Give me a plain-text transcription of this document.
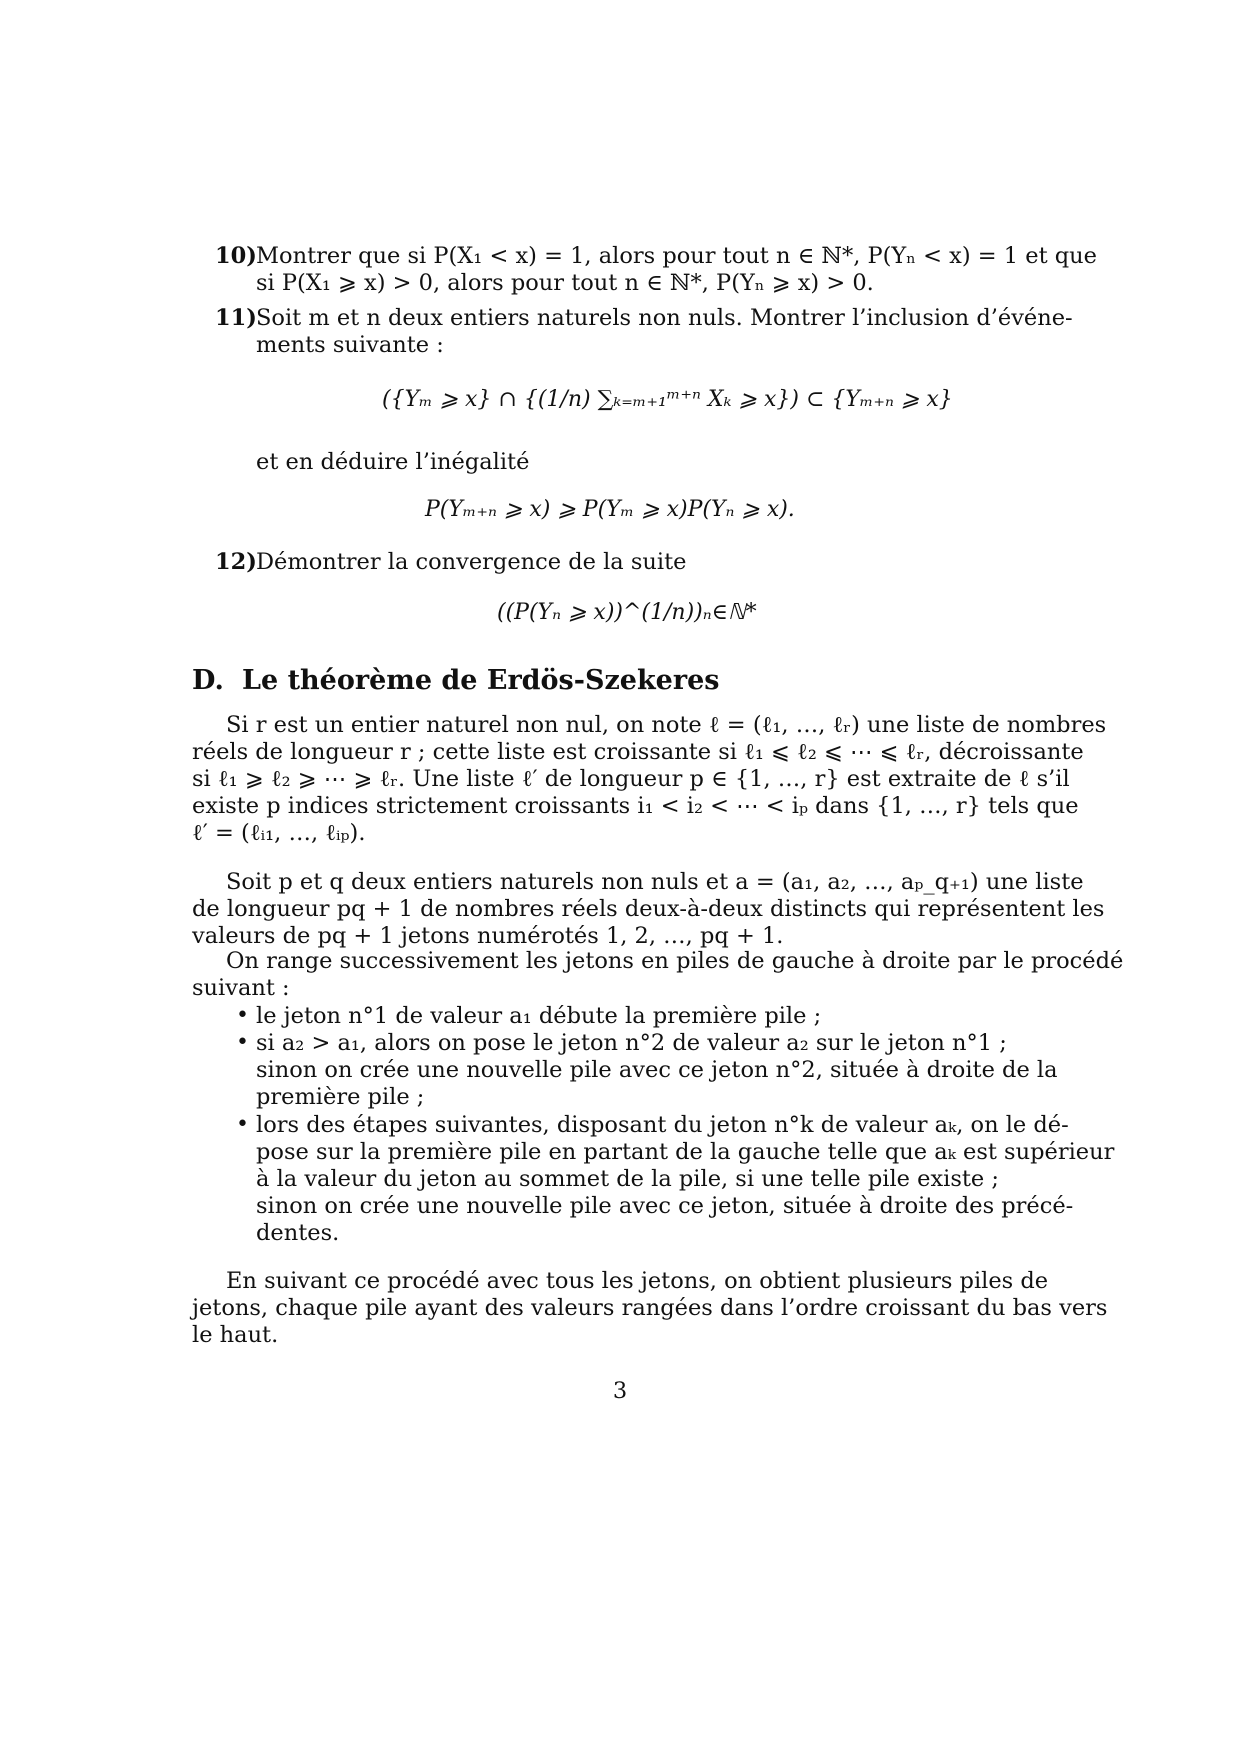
10) Montrer que si P(X₁ < x) = 1, alors pour tout n ∈ ℕ*, P(Yₙ < x) = 1 et que
si P(X₁ ⩾ x) > 0, alors pour tout n ∈ ℕ*, P(Yₙ ⩾ x) > 0.
11) Soit m et n deux entiers naturels non nuls. Montrer l’inclusion d’événe-
ments suivante :
({Yₘ ⩾ x} ∩ {(1/n) ∑ₖ₌ₘ₊₁ᵐ⁺ⁿ Xₖ ⩾ x}) ⊂ {Yₘ₊ₙ ⩾ x}
et en déduire l’inégalité
P(Yₘ₊ₙ ⩾ x) ⩾ P(Yₘ ⩾ x)P(Yₙ ⩾ x).
12) Démontrer la convergence de la suite
((P(Yₙ ⩾ x))^(1/n))ₙ∈ℕ*
D. Le théorème de Erdös-Szekeres
Si r est un entier naturel non nul, on note ℓ = (ℓ₁, …, ℓᵣ) une liste de nombres
réels de longueur r ; cette liste est croissante si ℓ₁ ⩽ ℓ₂ ⩽ ⋯ ⩽ ℓᵣ, décroissante
si ℓ₁ ⩾ ℓ₂ ⩾ ⋯ ⩾ ℓᵣ. Une liste ℓ′ de longueur p ∈ {1, …, r} est extraite de ℓ s’il
existe p indices strictement croissants i₁ < i₂ < ⋯ < iₚ dans {1, …, r} tels que
ℓ′ = (ℓᵢ₁, …, ℓᵢₚ).
Soit p et q deux entiers naturels non nuls et a = (a₁, a₂, …, aₚ_q₊₁) une liste
de longueur pq + 1 de nombres réels deux-à-deux distincts qui représentent les
valeurs de pq + 1 jetons numérotés 1, 2, …, pq + 1.
On range successivement les jetons en piles de gauche à droite par le procédé
suivant :
• le jeton n°1 de valeur a₁ débute la première pile ;
• si a₂ > a₁, alors on pose le jeton n°2 de valeur a₂ sur le jeton n°1 ;
sinon on crée une nouvelle pile avec ce jeton n°2, située à droite de la
première pile ;
• lors des étapes suivantes, disposant du jeton n°k de valeur aₖ, on le dé-
pose sur la première pile en partant de la gauche telle que aₖ est supérieur
à la valeur du jeton au sommet de la pile, si une telle pile existe ;
sinon on crée une nouvelle pile avec ce jeton, située à droite des précé-
dentes.
En suivant ce procédé avec tous les jetons, on obtient plusieurs piles de
jetons, chaque pile ayant des valeurs rangées dans l’ordre croissant du bas vers
le haut.
3
